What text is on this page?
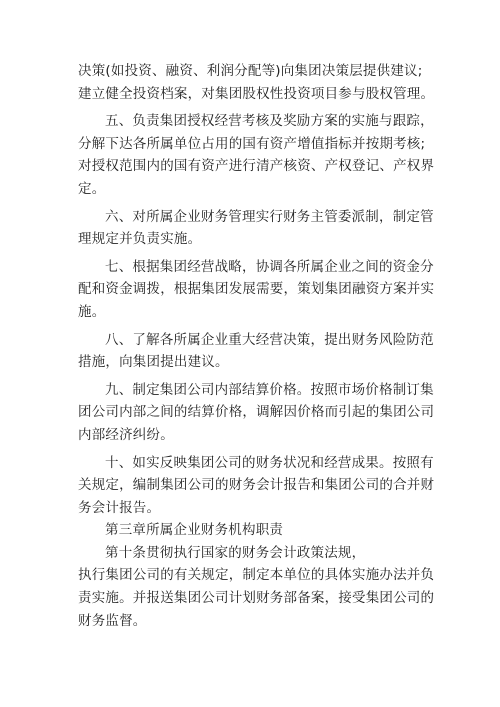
决策(如投资、融资、利润分配等)向集团决策层提供建议;
建立健全投资档案，对集团股权性投资项目参与股权管理。
五、负责集团授权经营考核及奖励方案的实施与跟踪，
分解下达各所属单位占用的国有资产增值指标并按期考核;
对授权范围内的国有资产进行清产核资、产权登记、产权界
定。
六、对所属企业财务管理实行财务主管委派制，制定管
理规定并负责实施。
七、根据集团经营战略，协调各所属企业之间的资金分
配和资金调拨，根据集团发展需要，策划集团融资方案并实
施。
八、了解各所属企业重大经营决策，提出财务风险防范
措施，向集团提出建议。
九、制定集团公司内部结算价格。按照市场价格制订集
团公司内部之间的结算价格，调解因价格而引起的集团公司
内部经济纠纷。
十、如实反映集团公司的财务状况和经营成果。按照有
关规定，编制集团公司的财务会计报告和集团公司的合并财
务会计报告。
第三章所属企业财务机构职责
第十条贯彻执行国家的财务会计政策法规，
执行集团公司的有关规定，制定本单位的具体实施办法并负
责实施。并报送集团公司计划财务部备案，接受集团公司的
财务监督。
